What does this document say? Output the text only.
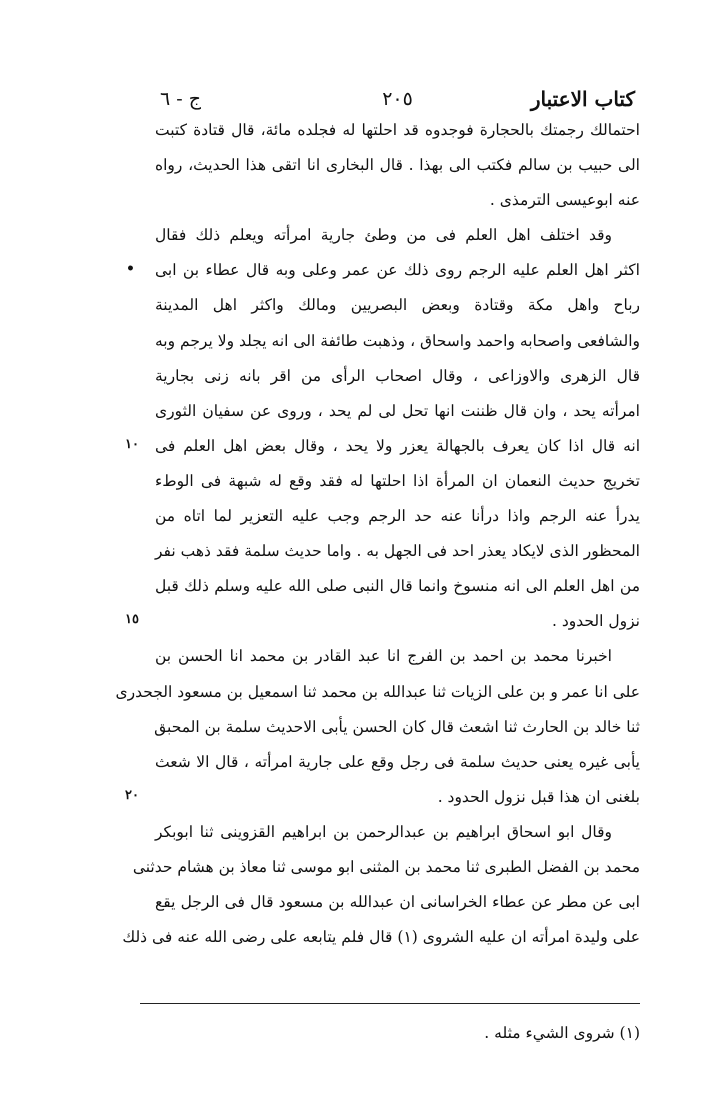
كتاب الاعتبار
٢٠٥
ج - ٦
احتمالك رجمتك بالحجارة فوجدوه قد احلتها له فجلده مائة، قال قتادة كتبت
الى حبيب بن سالم فكتب الى بهذا . قال البخارى انا اتقى هذا الحديث، رواه
عنه ابوعيسى الترمذى .
وقد اختلف اهل العلم فى من وطئ جارية امرأته ويعلم ذلك فقال
اكثر اهل العلم عليه الرجم روى ذلك عن عمر وعلى وبه قال عطاء بن ابى
رباح واهل مكة وقتادة وبعض البصريين ومالك واكثر اهل المدينة
والشافعى واصحابه واحمد واسحاق ، وذهبت طائفة الى انه يجلد ولا يرجم وبه
قال الزهرى والاوزاعى ، وقال اصحاب الرأى من اقر بانه زنى بجارية
امرأته يحد ، وان قال ظننت انها تحل لى لم يحد ، وروى عن سفيان الثورى
انه قال اذا كان يعرف بالجهالة يعزر ولا يحد ، وقال بعض اهل العلم فى
تخريج حديث النعمان ان المرأة اذا احلتها له فقد وقع له شبهة فى الوطء
يدرأ عنه الرجم واذا درأنا عنه حد الرجم وجب عليه التعزير لما اتاه من
المحظور الذى لايكاد يعذر احد فى الجهل به . واما حديث سلمة فقد ذهب نفر
من اهل العلم الى انه منسوخ وانما قال النبى صلى الله عليه وسلم ذلك قبل
نزول الحدود .
اخبرنا محمد بن احمد بن الفرج انا عبد القادر بن محمد انا الحسن بن
على انا عمر و بن على الزيات ثنا عبدالله بن محمد ثنا اسمعيل بن مسعود الجحدرى
ثنا خالد بن الحارث ثنا اشعث قال كان الحسن يأبى الاحديث سلمة بن المحبق
يأبى غيره يعنى حديث سلمة فى رجل وقع على جارية امرأته ، قال الا شعث
بلغنى ان هذا قبل نزول الحدود .
وقال ابو اسحاق ابراهيم بن عبدالرحمن بن ابراهيم القزوينى ثنا ابوبكر
محمد بن الفضل الطبرى ثنا محمد بن المثنى ابو موسى ثنا معاذ بن هشام حدثنى
ابى عن مطر عن عطاء الخراسانى ان عبدالله بن مسعود قال فى الرجل يقع
على وليدة امرأته ان عليه الشروى (١) قال فلم يتابعه على رضى الله عنه فى ذلك
•
١٠
١٥
٢٠
(١) شروى الشيء مثله .
